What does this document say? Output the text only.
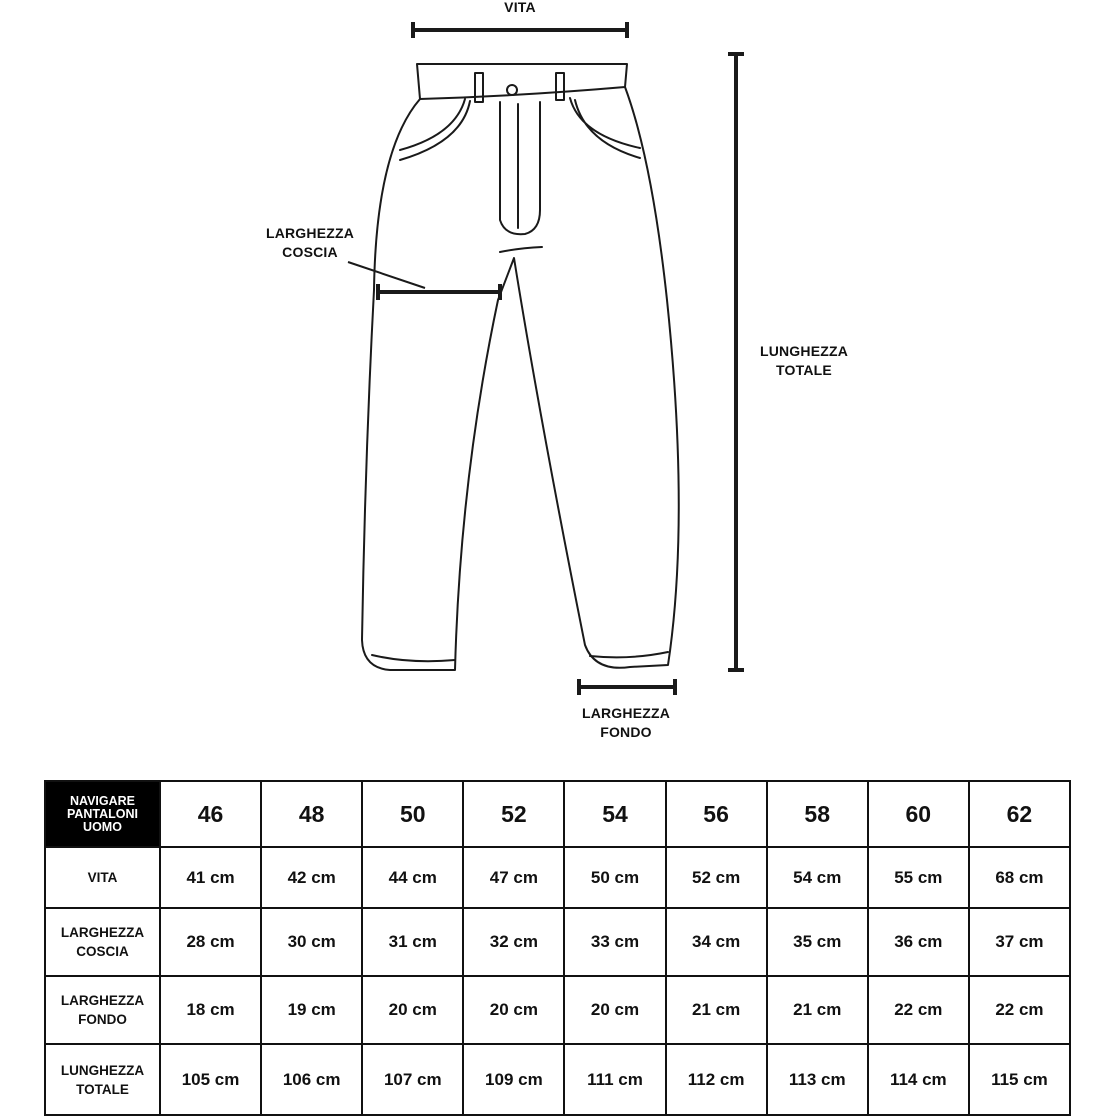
VITA
LARGHEZZA
COSCIA
LUNGHEZZA
TOTALE
LARGHEZZA
FONDO
NAVIGARE
PANTALONI
UOMO	46	48	50	52	54	56	58	60	62
VITA	41 cm	42 cm	44 cm	47 cm	50 cm	52 cm	54 cm	55 cm	68 cm
LARGHEZZA
COSCIA	28 cm	30 cm	31 cm	32 cm	33 cm	34 cm	35 cm	36 cm	37 cm
LARGHEZZA
FONDO	18 cm	19 cm	20 cm	20 cm	20 cm	21 cm	21 cm	22 cm	22 cm
LUNGHEZZA
TOTALE	105 cm	106 cm	107 cm	109 cm	111 cm	112 cm	113 cm	114 cm	115 cm
